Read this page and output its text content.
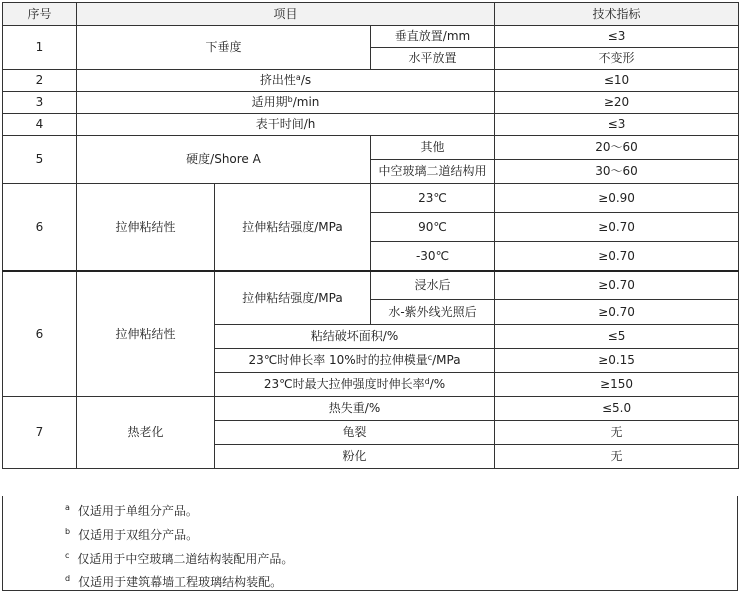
序号	项目			技术指标
1	下垂度		垂直放置/mm	≤3
			水平放置	不变形
2	挤出性$^a$/s			≤10
3	适用期$^b$/min			≥20
4	表干时间/h			≤3
5	硬度/Shore A		其他	20～60
			中空玻璃二道结构用	30～60
6	拉伸粘结性	拉伸粘结强度/MPa	23℃	≥0.90
			90℃	≥0.70
			-30℃	≥0.70
6	拉伸粘结性	拉伸粘结强度/MPa	浸水后	≥0.70
			水-紫外线光照后	≥0.70
		粘结破坏面积/%		≤5
		23℃时伸长率 10%时的拉伸模量$^c$/MPa		≥0.15
		23℃时最大拉伸强度时伸长率$^d$/%		≥150

7	热老化	热失重/%		≤5.0
		龟裂		无
		粉化		无
$^a$ 仅适用于单组分产品。
$^b$ 仅适用于双组分产品。
$^c$ 仅适用于中空玻璃二道结构装配用产品。
$^d$ 仅适用于建筑幕墙工程玻璃结构装配。
